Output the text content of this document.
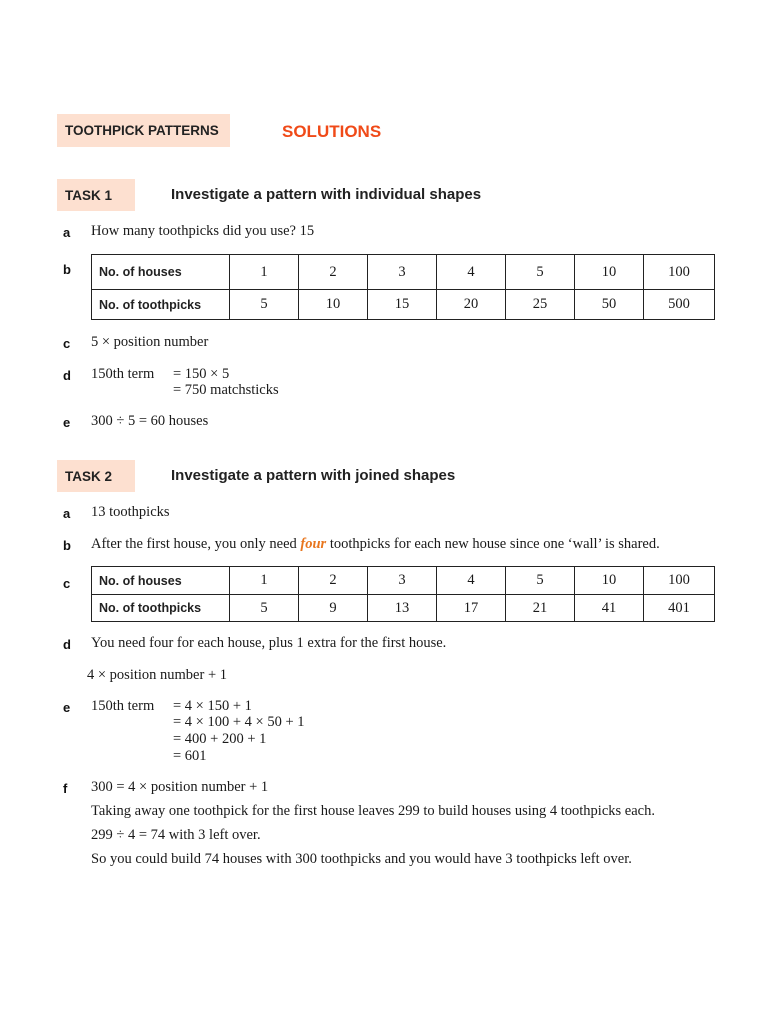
TOOTHPICK PATTERNS	SOLUTIONS
TASK 1	Investigate a pattern with individual shapes
a How many toothpicks did you use? 15
b No. of houses	1	2	3	4	5	10	100
No. of toothpicks	5	10	15	20	25	50	500
c 5 × position number
d 150th term = 150 × 5
= 750 matchsticks
e 300 ÷ 5 = 60 houses
TASK 2	Investigate a pattern with joined shapes
a 13 toothpicks
b After the first house, you only need four toothpicks for each new house since one ‘wall’ is shared.
c No. of houses	1	2	3	4	5	10	100
No. of toothpicks	5	9	13	17	21	41	401
d You need four for each house, plus 1 extra for the first house.
4 × position number + 1
e 150th term = 4 × 150 + 1
= 4 × 100 + 4 × 50 + 1
= 400 + 200 + 1
= 601
f 300 = 4 × position number + 1
Taking away one toothpick for the first house leaves 299 to build houses using 4 toothpicks each.
299 ÷ 4 = 74 with 3 left over.
So you could build 74 houses with 300 toothpicks and you would have 3 toothpicks left over.
